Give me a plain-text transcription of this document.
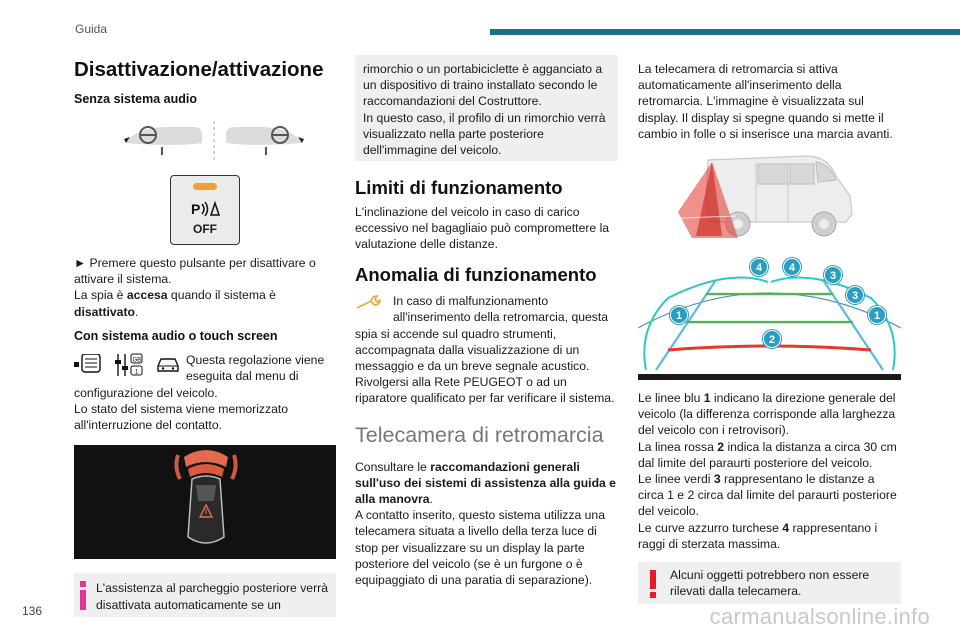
Guida
Disattivazione/attivazione
Senza sistema audio
P
OFF

► Premere questo pulsante per disattivare o attivare il sistema.

La spia è accesa quando il sistema è disattivato.

Con sistema audio o touch screen
GB
1

Questa regolazione viene eseguita dal menu di

configurazione del veicolo.

Lo stato del sistema viene memorizzato all'interruzione del contatto.

L'assistenza al parcheggio posteriore verrà disattivata automaticamente se un

rimorchio o un portabiciclette è agganciato a un dispositivo di traino installato secondo le raccomandazioni del Costruttore.

In questo caso, il profilo di un rimorchio verrà visualizzato nella parte posteriore dell'immagine del veicolo.

Limiti di funzionamento

L'inclinazione del veicolo in caso di carico eccessivo nel bagagliaio può compromettere la valutazione delle distanze.

Anomalia di funzionamento

In caso di malfunzionamento all'inserimento della retromarcia, questa

spia si accende sul quadro strumenti, accompagnata dalla visualizzazione di un messaggio e da un breve segnale acustico.

Rivolgersi alla Rete PEUGEOT o ad un riparatore qualificato per far verificare il sistema.

Telecamera di retromarcia

Consultare le raccomandazioni generali sull'uso dei sistemi di assistenza alla guida e alla manovra.

A contatto inserito, questo sistema utilizza una telecamera situata a livello della terza luce di stop per visualizzare su un display la parte posteriore del veicolo (se è un furgone o è equipaggiato di una paratia di separazione).

La telecamera di retromarcia si attiva automaticamente all'inserimento della retromarcia. L'immagine è visualizzata sul display. Il display si spegne quando si mette il cambio in folle o si inserisce una marcia avanti.

4	4
3
3
1	1
2

Le linee blu 1 indicano la direzione generale del veicolo (la differenza corrisponde alla larghezza del veicolo con i retrovisori).

La linea rossa 2 indica la distanza a circa 30 cm dal limite del paraurti posteriore del veicolo.

Le linee verdi 3 rappresentano le distanze a circa 1 e 2 circa dal limite del paraurti posteriore del veicolo.

Le curve azzurro turchese 4 rappresentano i raggi di sterzata massima.

Alcuni oggetti potrebbero non essere rilevati dalla telecamera.

136	carmanualsonline.info
